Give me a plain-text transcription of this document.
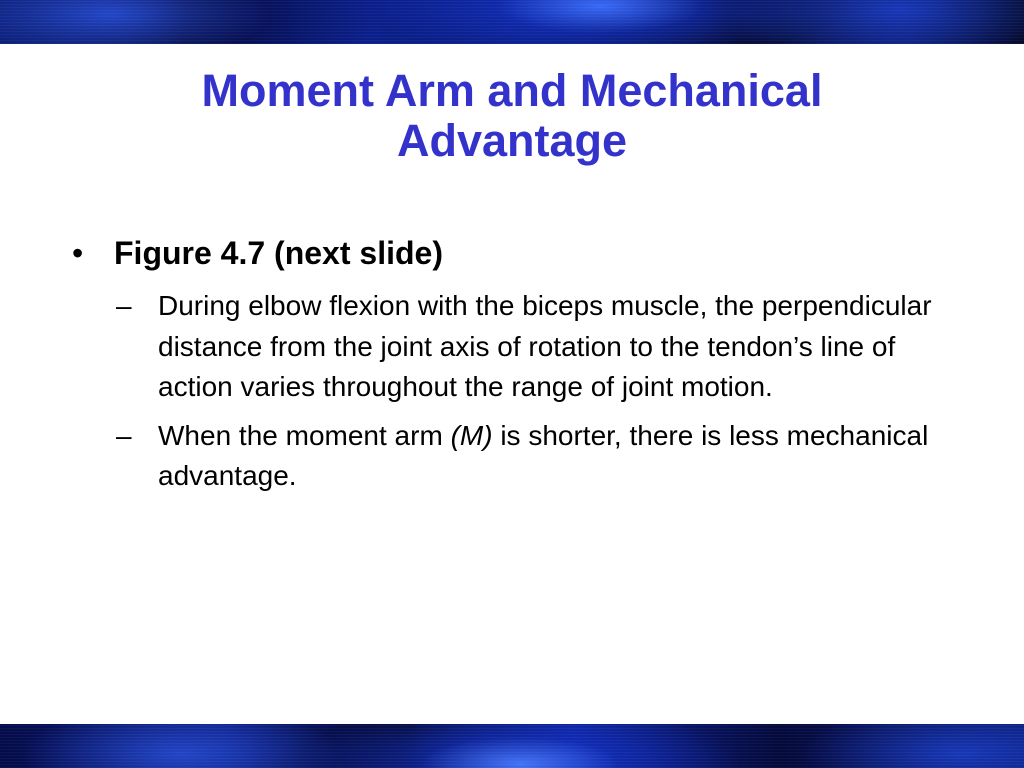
Moment Arm and Mechanical
Advantage
• Figure 4.7 (next slide)
– During elbow flexion with the biceps muscle, the perpendicular distance from the joint axis of rotation to the tendon’s line of action varies throughout the range of joint motion.
– When the moment arm (M) is shorter, there is less mechanical advantage.
